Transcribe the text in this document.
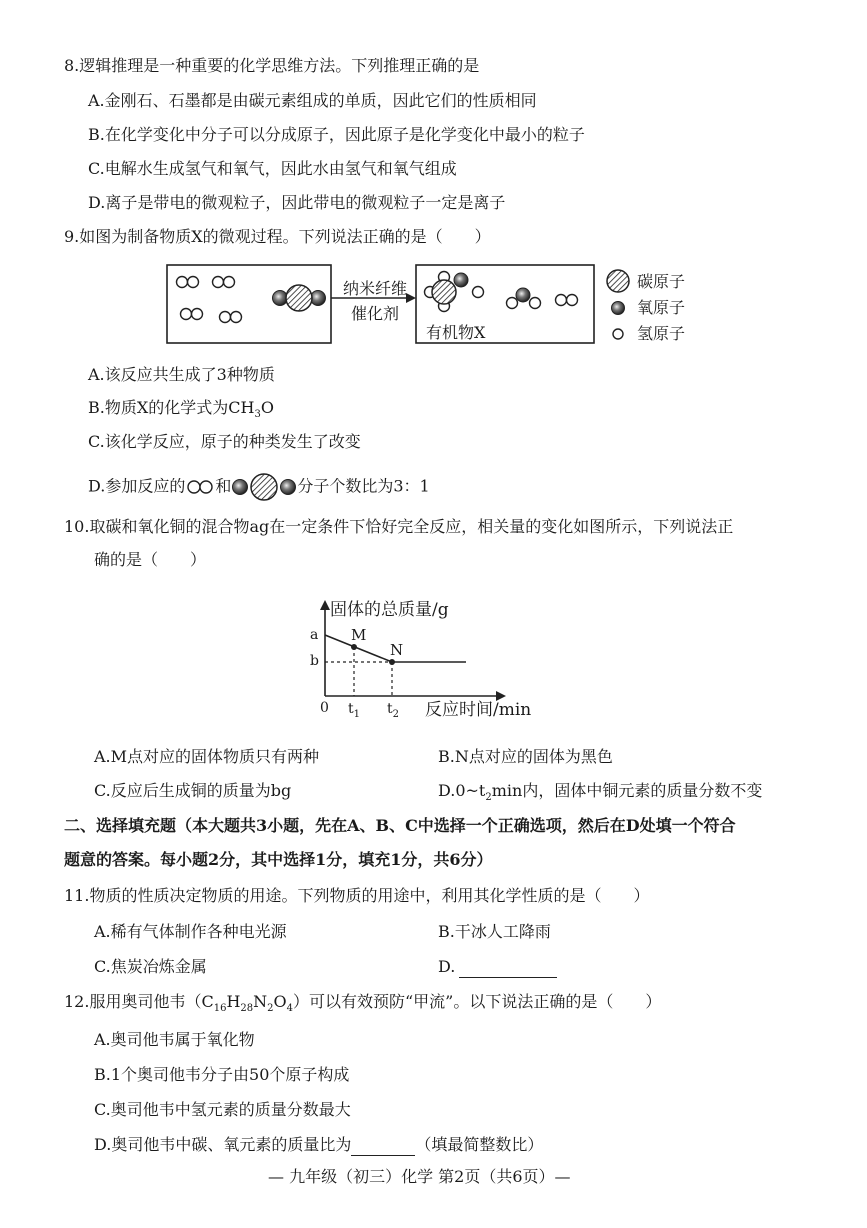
8.逻辑推理是一种重要的化学思维方法。下列推理正确的是
A.金刚石、石墨都是由碳元素组成的单质，因此它们的性质相同
B.在化学变化中分子可以分成原子，因此原子是化学变化中最小的粒子
C.电解水生成氢气和氧气，因此水由氢气和氧气组成
D.离子是带电的微观粒子，因此带电的微观粒子一定是离子
9.如图为制备物质X的微观过程。下列说法正确的是（　　）
纳米纤维
催化剂
有机物X
碳原子
氧原子
氢原子
A.该反应共生成了3种物质
B.物质X的化学式为$CH_3O$
C.该化学反应，原子的种类发生了改变
D.参加反应的 和	分子个数比为3：1
10.取碳和氧化铜的混合物ag在一定条件下恰好完全反应，相关量的变化如图所示，下列说法正
确的是（　　）
固体的总质量/g
a
b
M
N
0 $t_1$ $t_2$ 反应时间/min
A.M点对应的固体物质只有两种	B.N点对应的固体为黑色
C.反应后生成铜的质量为bg	$D.0\sim t_2\min$内，固体中铜元素的质量分数不变
二、选择填充题（本大题共3小题，先在A、B、C中选择一个正确选项，然后在D处填一个符合
题意的答案。每小题2分，其中选择1分，填充1分，共6分）
11.物质的性质决定物质的用途。下列物质的用途中，利用其化学性质的是（　　）
A.稀有气体制作各种电光源	B.干冰人工降雨
C.焦炭冶炼金属	D.
12.服用奥司他韦$(C_{16}H_{28}N_2O_4)$可以有效预防“甲流”。以下说法正确的是（　　）
A.奥司他韦属于氧化物
B.1个奥司他韦分子由50个原子构成
C.奥司他韦中氢元素的质量分数最大
D.奥司他韦中碳、氧元素的质量比为	（填最简整数比）
— 九年级（初三）化学 第2页（共6页）—
